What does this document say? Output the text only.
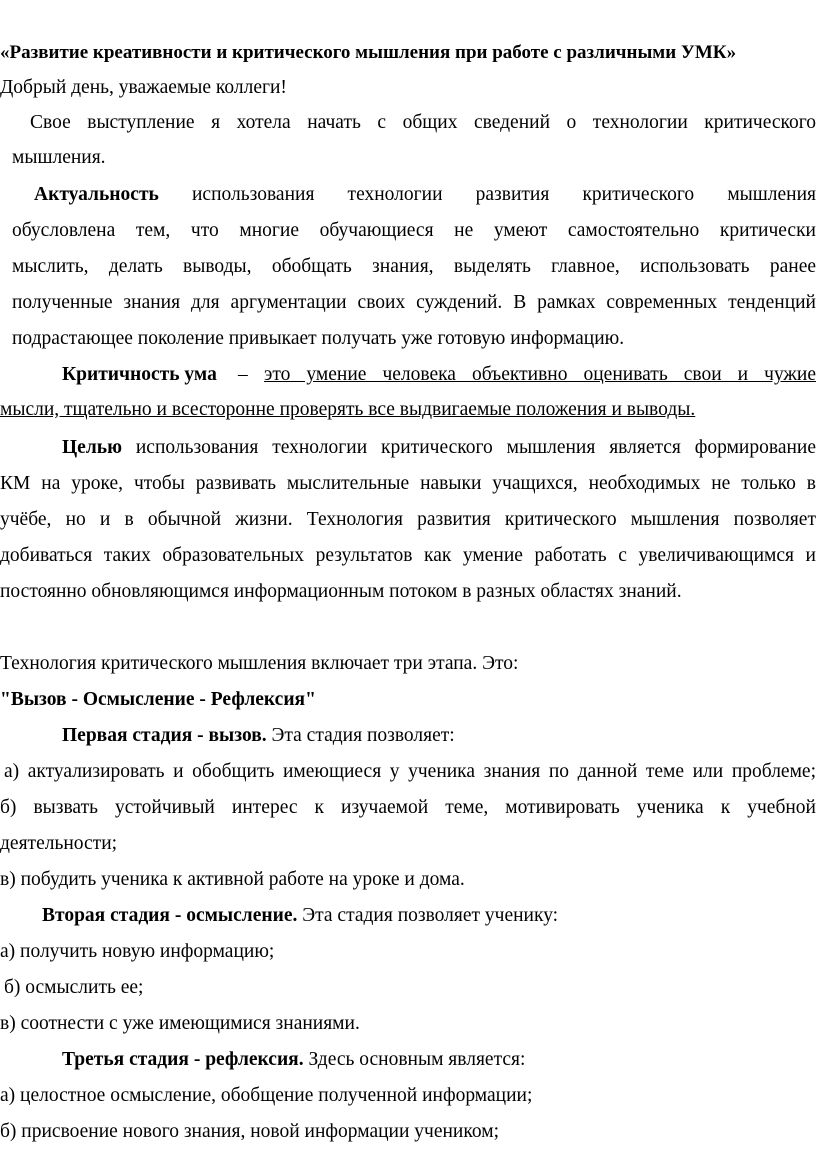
«Развитие креативности и критического мышления при работе с различными УМК»
Добрый день, уважаемые коллеги!
Свое выступление я хотела начать с общих сведений о технологии критического
мышления.
Актуальность использования технологии развития критического мышления
обусловлена тем, что многие обучающиеся не умеют самостоятельно критически
мыслить, делать выводы, обобщать знания, выделять главное, использовать ранее
полученные знания для аргументации своих суждений. В рамках современных тенденций
подрастающее поколение привыкает получать уже готовую информацию.
Критичность ума – это умение человека объективно оценивать свои и чужие
мысли, тщательно и всесторонне проверять все выдвигаемые положения и выводы.
Целью использования технологии критического мышления является формирование
КМ на уроке, чтобы развивать мыслительные навыки учащихся, необходимых не только в
учёбе, но и в обычной жизни. Технология развития критического мышления позволяет
добиваться таких образовательных результатов как умение работать с увеличивающимся и
постоянно обновляющимся информационным потоком в разных областях знаний.
Технология критического мышления включает три этапа. Это:
"Вызов - Осмысление - Рефлексия"
Первая стадия - вызов. Эта стадия позволяет:
а) актуализировать и обобщить имеющиеся у ученика знания по данной теме или проблеме;
б) вызвать устойчивый интерес к изучаемой теме, мотивировать ученика к учебной
деятельности;
в) побудить ученика к активной работе на уроке и дома.
Вторая стадия - осмысление. Эта стадия позволяет ученику:
а) получить новую информацию;
б) осмыслить ее;
в) соотнести с уже имеющимися знаниями.
Третья стадия - рефлексия. Здесь основным является:
а) целостное осмысление, обобщение полученной информации;
б) присвоение нового знания, новой информации учеником;
